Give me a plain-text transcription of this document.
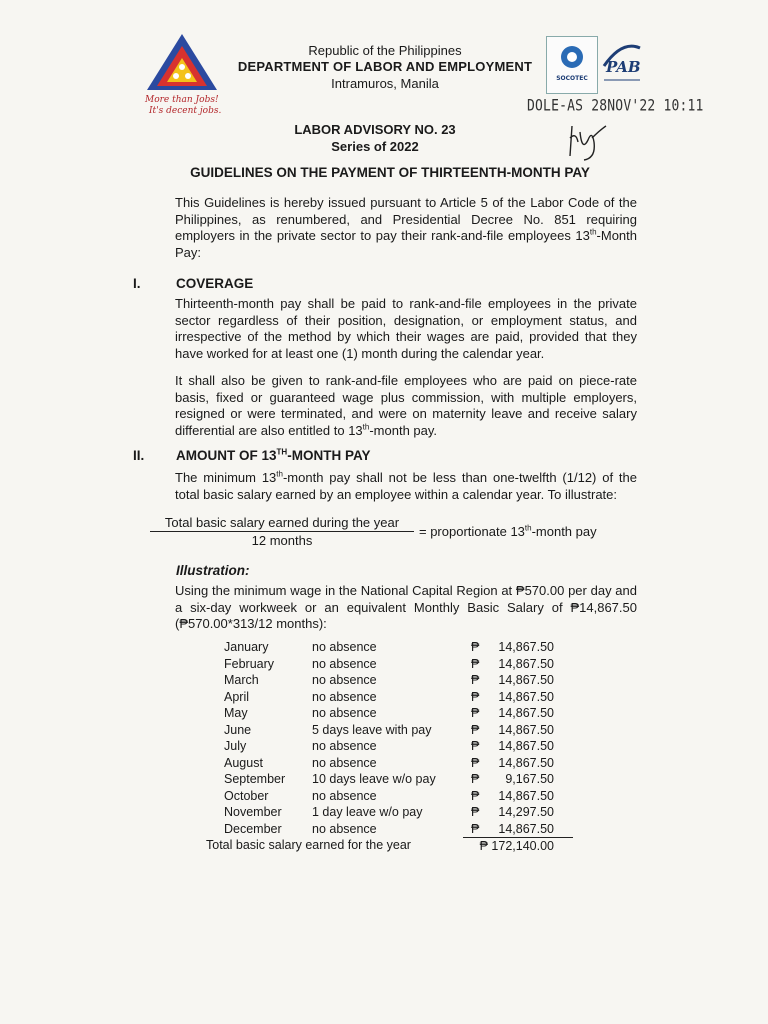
More than Jobs!
It's decent jobs.
Republic of the Philippines
DEPARTMENT OF LABOR AND EMPLOYMENT
Intramuros, Manila	SOCOTEC
PAB
DOLE-AS 28NOV'22 10:11
LABOR ADVISORY NO. 23
Series of 2022
GUIDELINES ON THE PAYMENT OF THIRTEENTH-MONTH PAY
This Guidelines is hereby issued pursuant to Article 5 of the Labor Code of the Philippines, as renumbered, and Presidential Decree No. 851 requiring employers in the private sector to pay their rank-and-file employees 13th-Month Pay:
I.	COVERAGE
Thirteenth-month pay shall be paid to rank-and-file employees in the private sector regardless of their position, designation, or employment status, and irrespective of the method by which their wages are paid, provided that they have worked for at least one (1) month during the calendar year.
It shall also be given to rank-and-file employees who are paid on piece-rate basis, fixed or guaranteed wage plus commission, with multiple employers, resigned or were terminated, and were on maternity leave and receive salary differential are also entitled to 13th-month pay.
II. AMOUNT OF 13TH-MONTH PAY
The minimum 13th-month pay shall not be less than one-twelfth (1/12) of the total basic salary earned by an employee within a calendar year. To illustrate:
Total basic salary earned during the year
12 months
= proportionate 13th-month pay
Illustration:
Using the minimum wage in the National Capital Region at ₱570.00 per day and a six-day workweek or an equivalent Monthly Basic Salary of ₱14,867.50 (₱570.00*313/12 months):
January	no absence	₱	14,867.50
February	no absence	₱	14,867.50
March	no absence	₱	14,867.50
April	no absence	₱	14,867.50
May	no absence	₱	14,867.50
June	5 days leave with pay	₱	14,867.50
July	no absence	₱	14,867.50
August	no absence	₱	14,867.50
September 10 days leave w/o pay	₱	9,167.50
October	no absence	₱	14,867.50
November 1 day leave w/o pay	₱	14,297.50
December no absence	₱	14,867.50
Total basic salary earned for the year	₱ 172,140.00
